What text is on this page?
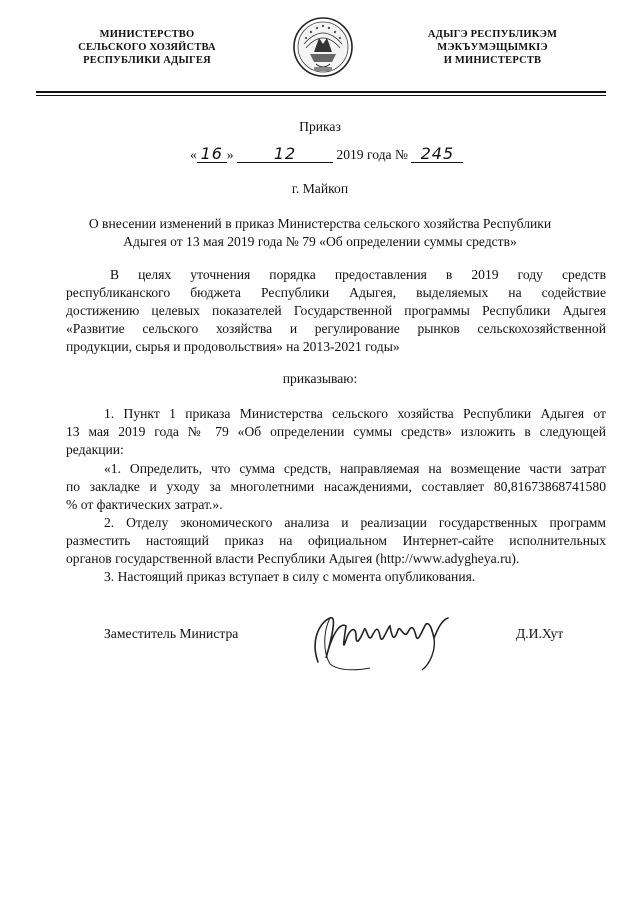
МИНИСТЕРСТВО
СЕЛЬСКОГО ХОЗЯЙСТВА
РЕСПУБЛИКИ АДЫГЕЯ
АДЫГЭ РЕСПУБЛИКЭМ
МЭКЪУМЭЩЫМКIЭ
И МИНИСТЕРСТВ
Приказ
« 16 »	12	2019 года № 245
г. Майкоп
О внесении изменений в приказ Министерства сельского хозяйства Республики
Адыгея от 13 мая 2019 года № 79 «Об определении суммы средств»
В целях уточнения порядка предоставления в 2019 году средств
республиканского бюджета Республики Адыгея, выделяемых на содействие
достижению целевых показателей Государственной программы Республики Адыгея
«Развитие сельского хозяйства и регулирование рынков сельскохозяйственной
продукции, сырья и продовольствия» на 2013-2021 годы»
приказываю:
1. Пункт 1 приказа Министерства сельского хозяйства Республики Адыгея от
13 мая 2019 года № 79 «Об определении суммы средств» изложить в следующей
редакции:
«1. Определить, что сумма средств, направляемая на возмещение части затрат
по закладке и уходу за многолетними насаждениями, составляет 80,81673868741580
% от фактических затрат.».
2. Отделу экономического анализа и реализации государственных программ
разместить настоящий приказ на официальном Интернет-сайте исполнительных
органов государственной власти Республики Адыгея (http://www.adygheya.ru).
3. Настоящий приказ вступает в силу с момента опубликования.
Заместитель Министра	Д.И.Хут
